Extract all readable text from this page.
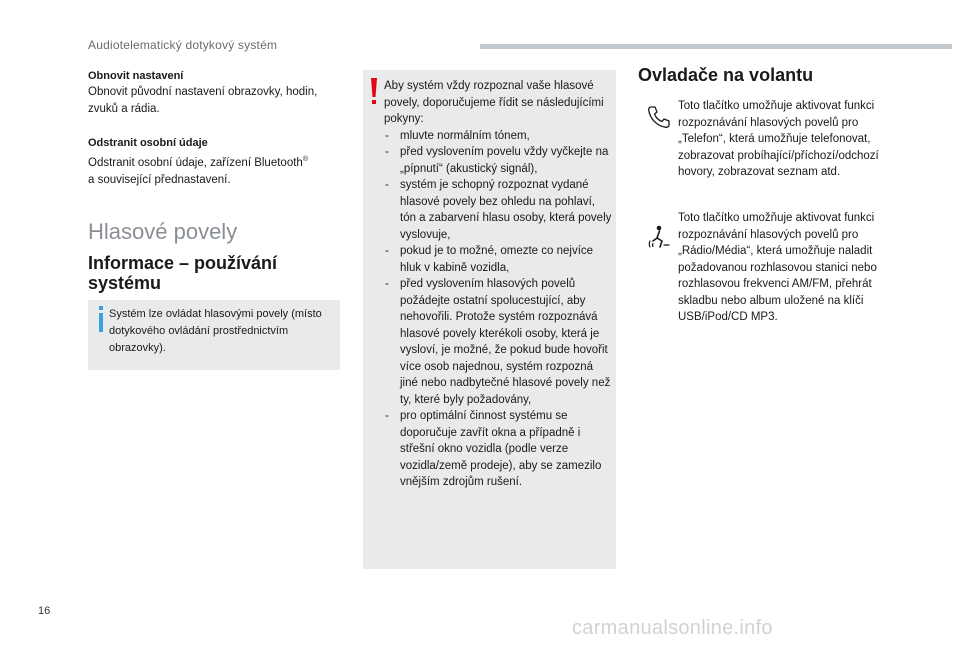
Audiotelematický dotykový systém
Obnovit nastavení
Obnovit původní nastavení obrazovky, hodin, zvuků a rádia.
Odstranit osobní údaje
Odstranit osobní údaje, zařízení Bluetooth®
a související přednastavení.
Hlasové povely
Informace – používání systému
Systém lze ovládat hlasovými povely (místo dotykového ovládání prostřednictvím obrazovky).
Aby systém vždy rozpoznal vaše hlasové povely, doporučujeme řídit se následujícími pokyny:
- mluvte normálním tónem,
- před vyslovením povelu vždy vyčkejte na „pípnutí“ (akustický signál),
- systém je schopný rozpoznat vydané hlasové povely bez ohledu na pohlaví, tón a zabarvení hlasu osoby, která povely vyslovuje,
- pokud je to možné, omezte co nejvíce hluk v kabině vozidla,
- před vyslovením hlasových povelů požádejte ostatní spolucestující, aby nehovořili. Protože systém rozpoznává hlasové povely kterékoli osoby, která je vysloví, je možné, že pokud bude hovořit více osob najednou, systém rozpozná jiné nebo nadbytečné hlasové povely než ty, které byly požadovány,
- pro optimální činnost systému se doporučuje zavřít okna a případně i střešní okno vozidla (podle verze vozidla/země prodeje), aby se zamezilo vnějším zdrojům rušení.
Ovladače na volantu
Toto tlačítko umožňuje aktivovat funkci rozpoznávání hlasových povelů pro „Telefon“, která umožňuje telefonovat, zobrazovat probíhající/příchozí/odchozí hovory, zobrazovat seznam atd.
Toto tlačítko umožňuje aktivovat funkci rozpoznávání hlasových povelů pro „Rádio/Média“, která umožňuje naladit požadovanou rozhlasovou stanici nebo rozhlasovou frekvenci AM/FM, přehrát skladbu nebo album uložené na klíči USB/iPod/CD MP3.
16
carmanualsonline.info
